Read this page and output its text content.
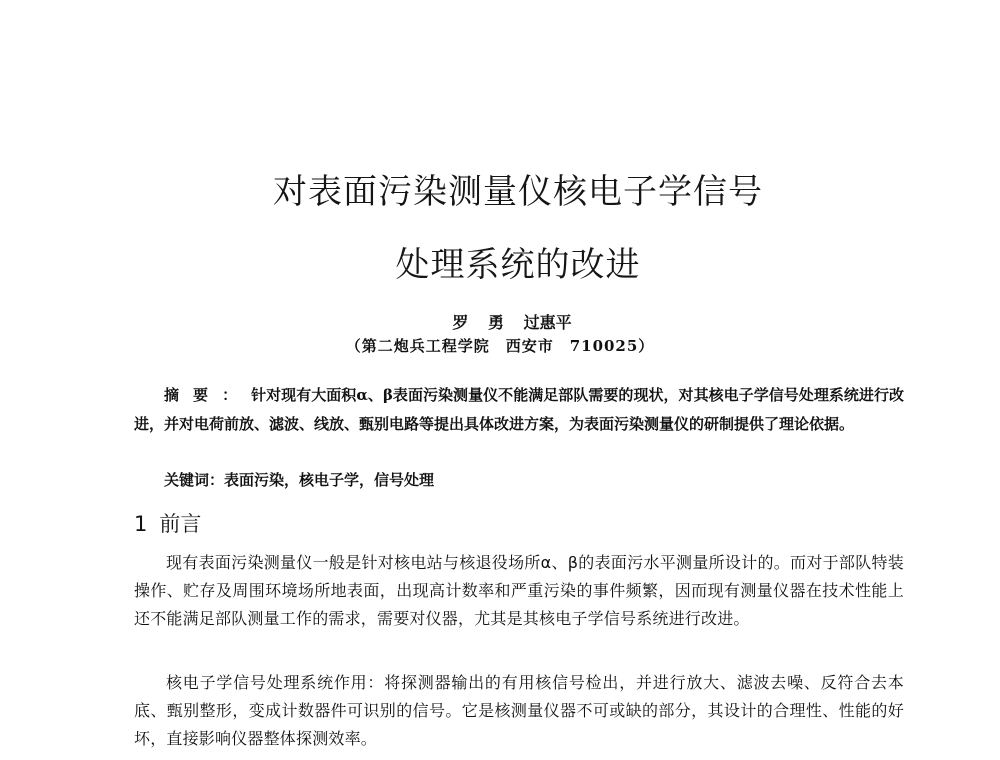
对表面污染测量仪核电子学信号
处理系统的改进
罗 勇 过惠平
（第二炮兵工程学院　西安市　710025）
摘要：针对现有大面积α、β表面污染测量仪不能满足部队需要的现状，对其核电子学信号处理系统进行改进，并对电荷前放、滤波、线放、甄别电路等提出具体改进方案，为表面污染测量仪的研制提供了理论依据。
关键词：表面污染，核电子学，信号处理
1 前言
现有表面污染测量仪一般是针对核电站与核退役场所α、β的表面污水平测量所设计的。而对于部队特装操作、贮存及周围环境场所地表面，出现高计数率和严重污染的事件频繁，因而现有测量仪器在技术性能上还不能满足部队测量工作的需求，需要对仪器，尤其是其核电子学信号系统进行改进。
核电子学信号处理系统作用：将探测器输出的有用核信号检出，并进行放大、滤波去噪、反符合去本底、甄别整形，变成计数器件可识别的信号。它是核测量仪器不可或缺的部分，其设计的合理性、性能的好坏，直接影响仪器整体探测效率。
